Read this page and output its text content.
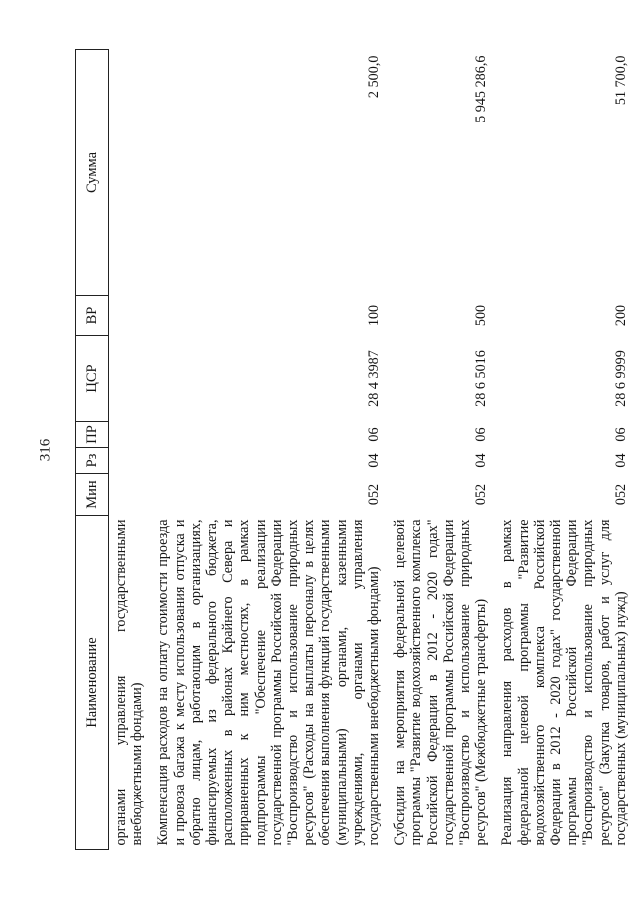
316
Наименование	Мин	Рз	ПР	ЦСР	ВР	Сумма
органами управления государственными внебюджетными фондами)						
Компенсация расходов на оплату стоимости проезда и провоза багажа к месту использования отпуска и обратно лицам, работающим в организациях, финансируемых из федерального бюджета, расположенных в районах Крайнего Севера и приравненных к ним местностях, в рамках подпрограммы "Обеспечение реализации государственной программы Российской Федерации "Воспроизводство и использование природных ресурсов" (Расходы на выплаты персоналу в целях обеспечения выполнения функций государственными (муниципальными) органами, казенными учреждениями, органами управления государственными внебюджетными фондами)	052	04	06	28 4 3987	100	2 500,0
Субсидии на мероприятия федеральной целевой программы "Развитие водохозяйственного комплекса Российской Федерации в 2012 - 2020 годах" государственной программы Российской Федерации "Воспроизводство и использование природных ресурсов" (Межбюджетные трансферты)	052	04	06	28 6 5016	500	5 945 286,6
Реализация направления расходов в рамках федеральной целевой программы "Развитие водохозяйственного комплекса Российской Федерации в 2012 - 2020 годах" государственной программы Российской Федерации "Воспроизводство и использование природных ресурсов" (Закупка товаров, работ и услуг для государственных (муниципальных) нужд)	052	04	06	28 6 9999	200	51 700,0
